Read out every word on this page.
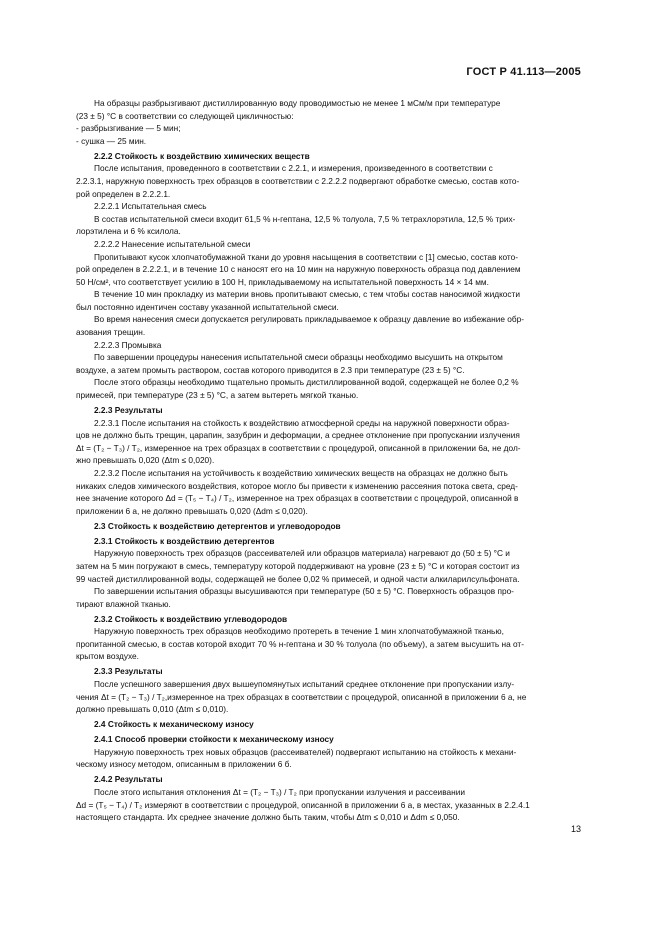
ГОСТ Р 41.113—2005

На образцы разбрызгивают дистиллированную воду проводимостью не менее 1 мСм/м при температуре

(23 ± 5) °С в соответствии со следующей цикличностью:

- разбрызгивание — 5 мин;

- сушка — 25 мин.

2.2.2 Стойкость к воздействию химических веществ

После испытания, проведенного в соответствии с 2.2.1, и измерения, произведенного в соответствии с

2.2.3.1, наружную поверхность трех образцов в соответствии с 2.2.2.2 подвергают обработке смесью, состав кото-

рой определен в 2.2.2.1.

2.2.2.1 Испытательная смесь

В состав испытательной смеси входит 61,5 % н-гептана, 12,5 % толуола, 7,5 % тетрахлорэтила, 12,5 % трих-

лорэтилена и 6 % ксилола.

2.2.2.2 Нанесение испытательной смеси

Пропитывают кусок хлопчатобумажной ткани до уровня насыщения в соответствии с [1] смесью, состав кото-

рой определен в 2.2.2.1, и в течение 10 с наносят его на 10 мин на наружную поверхность образца под давлением

50 Н/см², что соответствует усилию в 100 Н, прикладываемому на испытательной поверхность 14 × 14 мм.

В течение 10 мин прокладку из материи вновь пропитывают смесью, с тем чтобы состав наносимой жидкости

был постоянно идентичен составу указанной испытательной смеси.

Во время нанесения смеси допускается регулировать прикладываемое к образцу давление во избежание обр-

азования трещин.

2.2.2.3 Промывка

По завершении процедуры нанесения испытательной смеси образцы необходимо высушить на открытом

воздухе, а затем промыть раствором, состав которого приводится в 2.3 при температуре (23 ± 5) °С.

После этого образцы необходимо тщательно промыть дистиллированной водой, содержащей не более 0,2 %

примесей, при температуре (23 ± 5) °С, а затем вытереть мягкой тканью.

2.2.3 Результаты

2.2.3.1 После испытания на стойкость к воздействию атмосферной среды на наружной поверхности образ-

цов не должно быть трещин, царапин, зазубрин и деформации, а среднее отклонение при пропускании излучения

Δt = (T₂ − T₃) / T₂, измеренное на трех образцах в соответствии с процедурой, описанной в приложении 6а, не дол-

жно превышать 0,020 (Δtm ≤ 0,020).

2.2.3.2 После испытания на устойчивость к воздействию химических веществ на образцах не должно быть

никаких следов химического воздействия, которое могло бы привести к изменению рассеяния потока света, сред-

нее значение которого Δd = (T₅ − T₄) / T₂, измеренное на трех образцах в соответствии с процедурой, описанной в

приложении 6 а, не должно превышать 0,020 (Δdm ≤ 0,020).

2.3 Стойкость к воздействию детергентов и углеводородов

2.3.1 Стойкость к воздействию детергентов

Наружную поверхность трех образцов (рассеивателей или образцов материала) нагревают до (50 ± 5) °С и

затем на 5 мин погружают в смесь, температуру которой поддерживают на уровне (23 ± 5) °С и которая состоит из

99 частей дистиллированной воды, содержащей не более 0,02 % примесей, и одной части алкиларилсульфоната.

По завершении испытания образцы высушиваются при температуре (50 ± 5) °С. Поверхность образцов про-

тирают влажной тканью.

2.3.2 Стойкость к воздействию углеводородов

Наружную поверхность трех образцов необходимо протереть в течение 1 мин хлопчатобумажной тканью,

пропитанной смесью, в состав которой входит 70 % н-гептана и 30 % толуола (по объему), а затем высушить на от-

крытом воздухе.

2.3.3 Результаты

После успешного завершения двух вышеупомянутых испытаний среднее отклонение при пропускании излу-

чения Δt = (T₂ − T₃) / T₂,измеренное на трех образцах в соответствии с процедурой, описанной в приложении 6 а, не

должно превышать 0,010 (Δtm ≤ 0,010).

2.4 Стойкость к механическому износу

2.4.1 Способ проверки стойкости к механическому износу

Наружную поверхность трех новых образцов (рассеивателей) подвергают испытанию на стойкость к механи-

ческому износу методом, описанным в приложении 6 б.

2.4.2 Результаты

После этого испытания отклонения Δt = (T₂ − T₃) / T₂ при пропускании излучения и рассеивании

Δd = (T₅ − T₄) / T₂ измеряют в соответствии с процедурой, описанной в приложении 6 а, в местах, указанных в 2.2.4.1

настоящего стандарта. Их среднее значение должно быть таким, чтобы Δtm ≤ 0,010 и Δdm ≤ 0,050.

13
